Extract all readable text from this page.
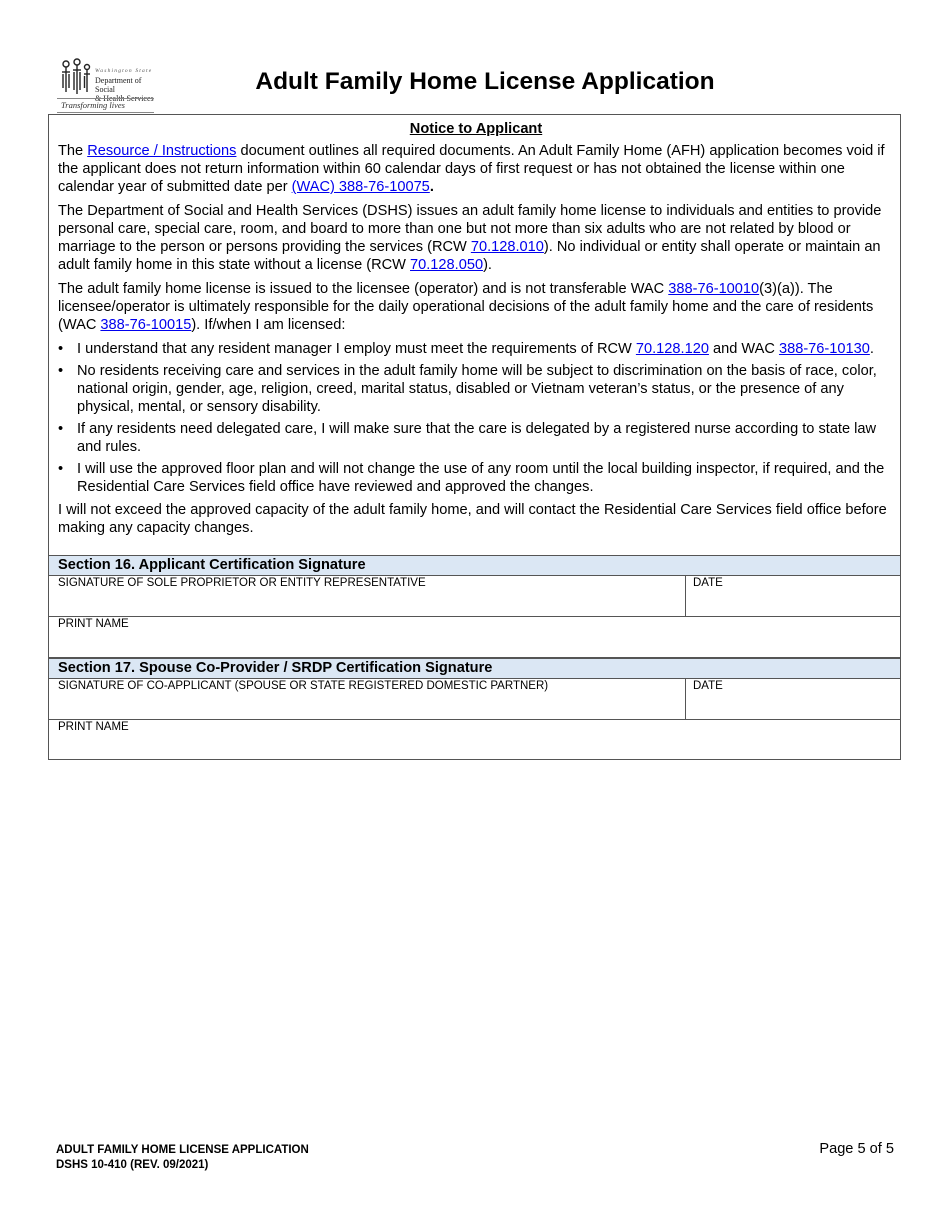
Washington State
Department of Social
& Health Services
Transforming lives
Adult Family Home License Application
Notice to Applicant

The Resource / Instructions document outlines all required documents. An Adult Family Home (AFH) application becomes void if the applicant does not return information within 60 calendar days of first request or has not obtained the license within one calendar year of submitted date per (WAC) 388-76-10075.

The Department of Social and Health Services (DSHS) issues an adult family home license to individuals and entities to provide personal care, special care, room, and board to more than one but not more than six adults who are not related by blood or marriage to the person or persons providing the services (RCW 70.128.010). No individual or entity shall operate or maintain an adult family home in this state without a license (RCW 70.128.050).

The adult family home license is issued to the licensee (operator) and is not transferable WAC 388-76-10010(3)(a)). The licensee/operator is ultimately responsible for the daily operational decisions of the adult family home and the care of residents (WAC 388-76-10015). If/when I am licensed:

• I understand that any resident manager I employ must meet the requirements of RCW 70.128.120 and WAC 388-76-10130.
• No residents receiving care and services in the adult family home will be subject to discrimination on the basis of race, color, national origin, gender, age, religion, creed, marital status, disabled or Vietnam veteran’s status, or the presence of any physical, mental, or sensory disability.
• If any residents need delegated care, I will make sure that the care is delegated by a registered nurse according to state law and rules.
• I will use the approved floor plan and will not change the use of any room until the local building inspector, if required, and the Residential Care Services field office have reviewed and approved the changes.

I will not exceed the approved capacity of the adult family home, and will contact the Residential Care Services field office before making any capacity changes.

Section 16. Applicant Certification Signature
SIGNATURE OF SOLE PROPRIETOR OR ENTITY REPRESENTATIVE	DATE
PRINT NAME
Section 17. Spouse Co-Provider / SRDP Certification Signature
SIGNATURE OF CO-APPLICANT (SPOUSE OR STATE REGISTERED DOMESTIC PARTNER)	DATE
PRINT NAME
ADULT FAMILY HOME LICENSE APPLICATION
DSHS 10-410 (REV. 09/2021)
Page 5 of 5
